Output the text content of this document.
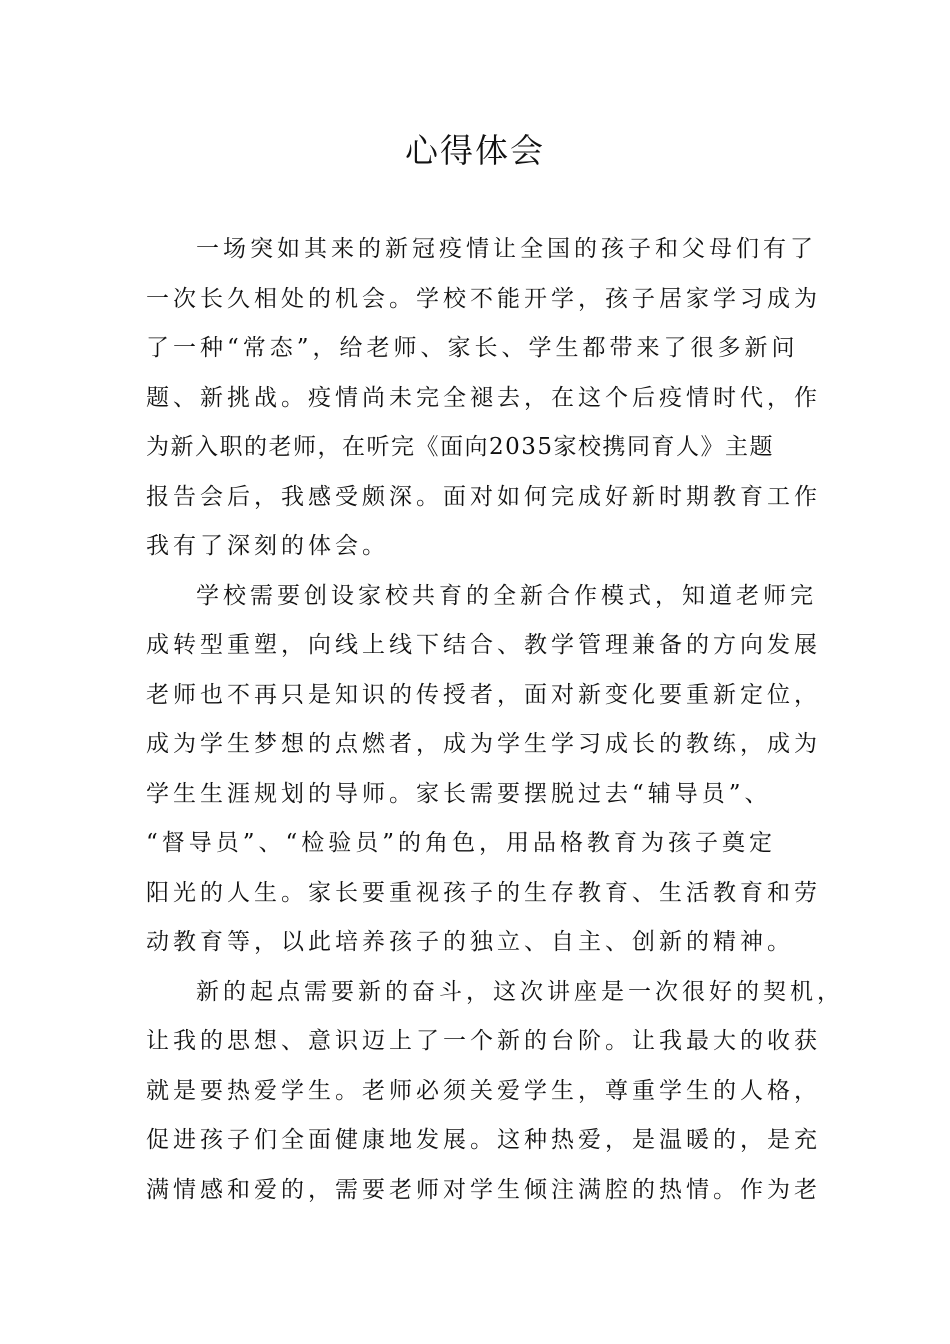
心得体会
一场突如其来的新冠疫情让全国的孩子和父母们有了
一次长久相处的机会。学校不能开学，孩子居家学习成为
了一种“常态”，给老师、家长、学生都带来了很多新问
题、新挑战。疫情尚未完全褪去，在这个后疫情时代，作
为新入职的老师，在听完《面向2035家校携同育人》主题
报告会后，我感受颇深。面对如何完成好新时期教育工作
我有了深刻的体会。
学校需要创设家校共育的全新合作模式，知道老师完
成转型重塑，向线上线下结合、教学管理兼备的方向发展
老师也不再只是知识的传授者，面对新变化要重新定位，
成为学生梦想的点燃者，成为学生学习成长的教练，成为
学生生涯规划的导师。家长需要摆脱过去“辅导员”、
“督导员”、“检验员”的角色，用品格教育为孩子奠定
阳光的人生。家长要重视孩子的生存教育、生活教育和劳
动教育等，以此培养孩子的独立、自主、创新的精神。
新的起点需要新的奋斗，这次讲座是一次很好的契机，
让我的思想、意识迈上了一个新的台阶。让我最大的收获
就是要热爱学生。老师必须关爱学生，尊重学生的人格，
促进孩子们全面健康地发展。这种热爱，是温暖的，是充
满情感和爱的，需要老师对学生倾注满腔的热情。作为老
